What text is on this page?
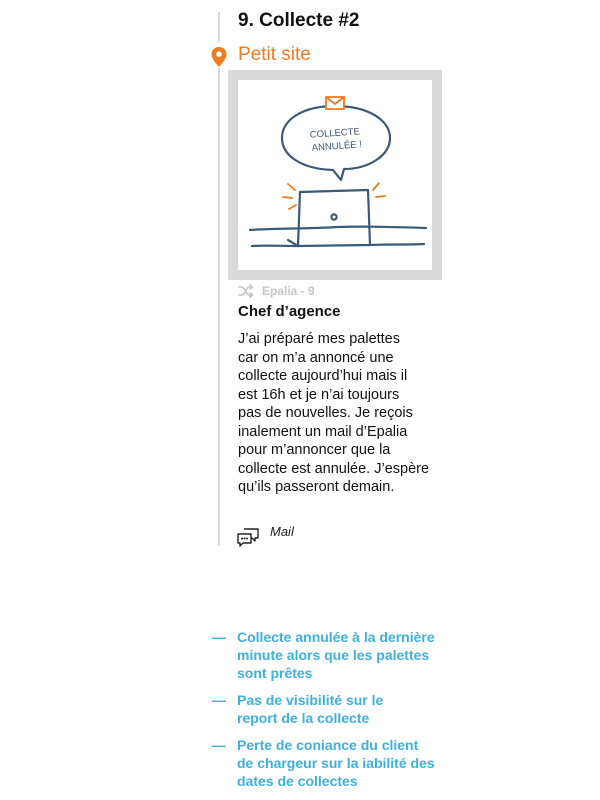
9. Collecte #2
Petit site
COLLECTE
ANNULÉE !
Epalia - 9
Chef d’agence

J’ai préparé mes palettes
car on m’a annoncé une
collecte aujourd’hui mais il
est 16h et je n’ai toujours
pas de nouvelles. Je reçois
inalement un mail d’Epalia
pour m’annoncer que la
collecte est annulée. J’espère
qu’ils passeront demain.

Mail
— Collecte annulée à la dernière
minute alors que les palettes
sont prêtes
— Pas de visibilité sur le
report de la collecte
— Perte de coniance du client
de chargeur sur la iabilité des
dates de collectes
